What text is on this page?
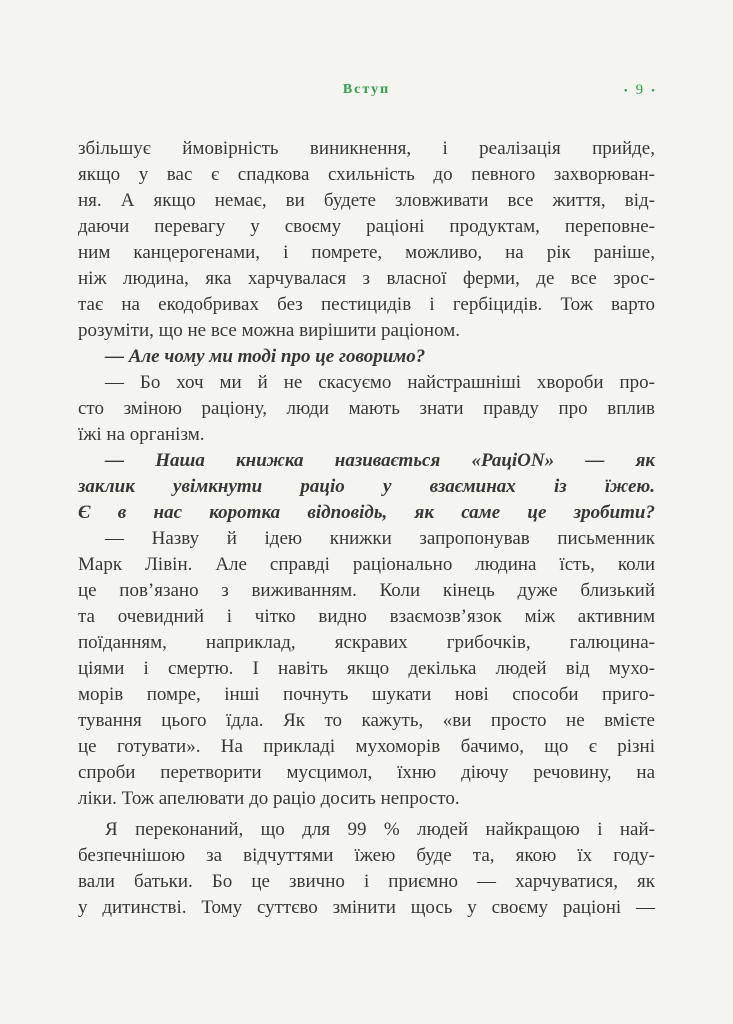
Вступ	• 9 •
збільшує ймовірність виникнення, і реалізація прийде,
якщо у вас є спадкова схильність до певного захворюван-
ня. А якщо немає, ви будете зловживати все життя, від-
даючи перевагу у своєму раціоні продуктам, переповне-
ним канцерогенами, і помрете, можливо, на рік раніше,
ніж людина, яка харчувалася з власної ферми, де все зрос-
тає на екодобривах без пестицидів і гербіцидів. Тож варто
розуміти, що не все можна вирішити раціоном.
— Але чому ми тоді про це говоримо?
— Бо хоч ми й не скасуємо найстрашніші хвороби про-
сто зміною раціону, люди мають знати правду про вплив
їжі на організм.
— Наша книжка називається «РаціON» — як
заклик увімкнути раціо у взаєминах із їжею.
Є в нас коротка відповідь, як саме це зробити?
— Назву й ідею книжки запропонував письменник
Марк Лівін. Але справді раціонально людина їсть, коли
це пов’язано з виживанням. Коли кінець дуже близький
та очевидний і чітко видно взаємозв’язок між активним
поїданням, наприклад, яскравих грибочків, галюцина-
ціями і смертю. І навіть якщо декілька людей від мухо-
морів помре, інші почнуть шукати нові способи приго-
тування цього їдла. Як то кажуть, «ви просто не вмієте
це готувати». На прикладі мухоморів бачимо, що є різні
спроби перетворити мусцимол, їхню діючу речовину, на
ліки. Тож апелювати до раціо досить непросто.
Я переконаний, що для 99 % людей найкращою і най-
безпечнішою за відчуттями їжею буде та, якою їх году-
вали батьки. Бо це звично і приємно — харчуватися, як
у дитинстві. Тому суттєво змінити щось у своєму раціоні —
